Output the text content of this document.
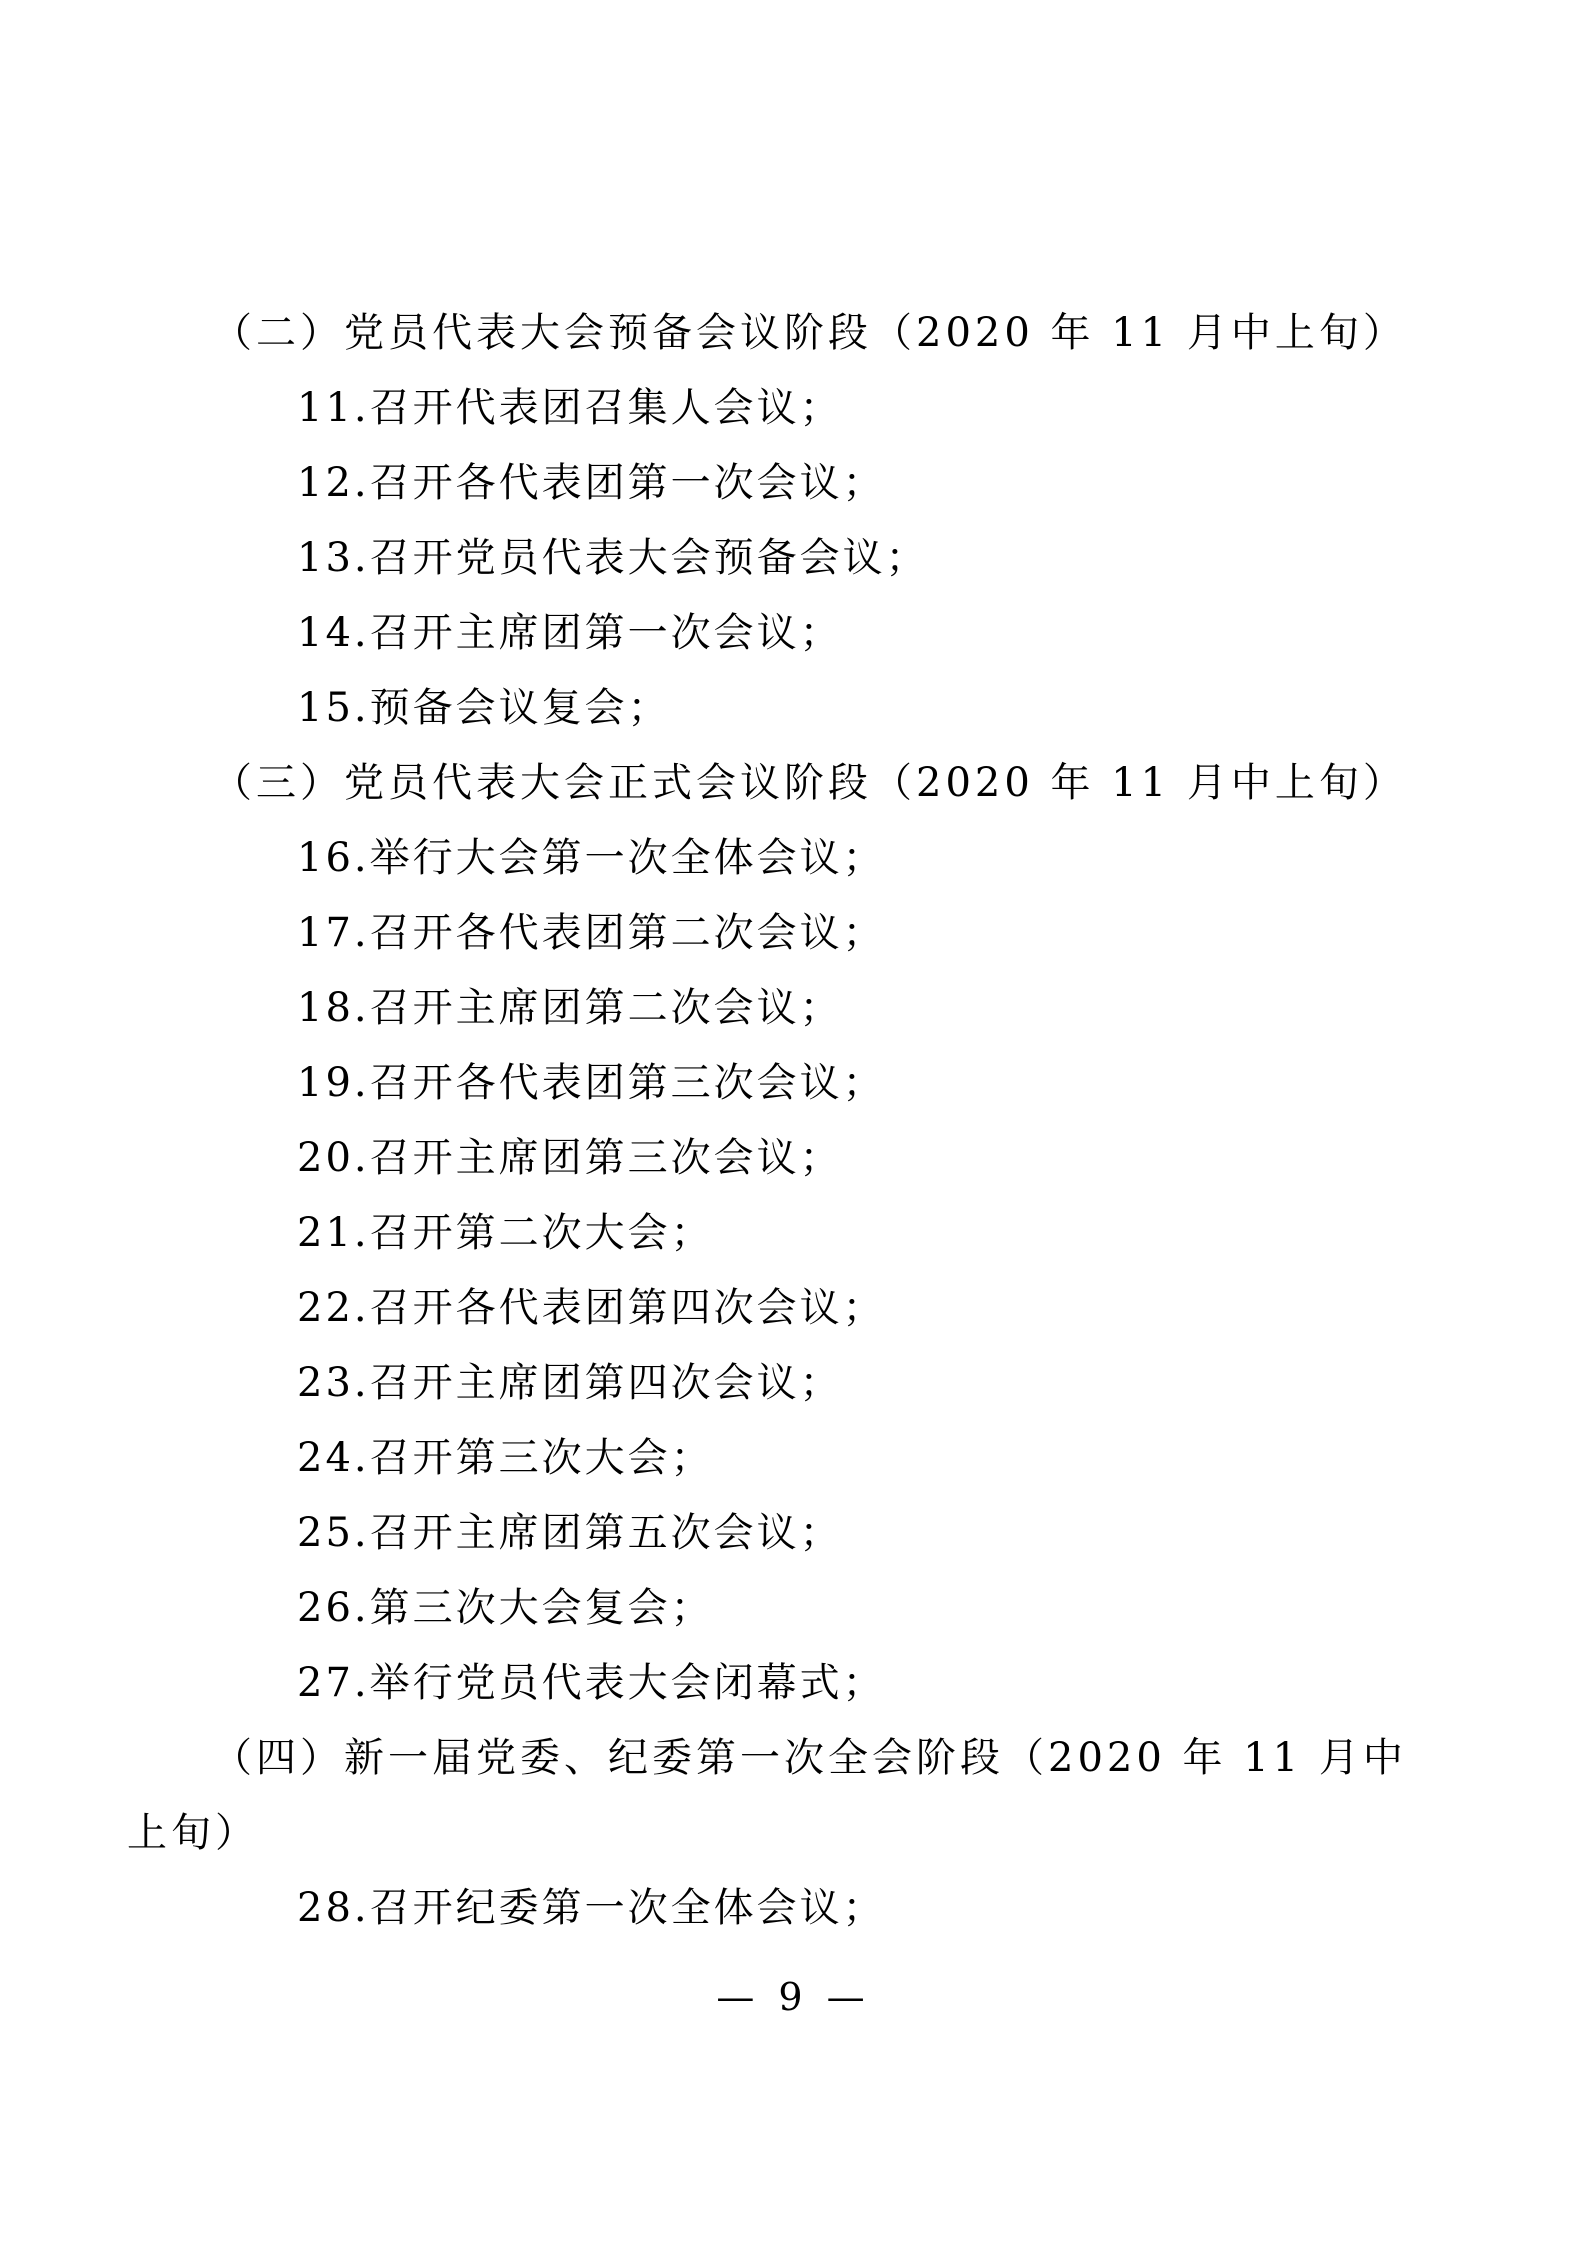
（二）党员代表大会预备会议阶段（2020 年 11 月中上旬）
11.召开代表团召集人会议；
12.召开各代表团第一次会议；
13.召开党员代表大会预备会议；
14.召开主席团第一次会议；
15.预备会议复会；
（三）党员代表大会正式会议阶段（2020 年 11 月中上旬）
16.举行大会第一次全体会议；
17.召开各代表团第二次会议；
18.召开主席团第二次会议；
19.召开各代表团第三次会议；
20.召开主席团第三次会议；
21.召开第二次大会；
22.召开各代表团第四次会议；
23.召开主席团第四次会议；
24.召开第三次大会；
25.召开主席团第五次会议；
26.第三次大会复会；
27.举行党员代表大会闭幕式；
（四）新一届党委、纪委第一次全会阶段（2020 年 11 月中
上旬）
28.召开纪委第一次全体会议；
— 9 —
